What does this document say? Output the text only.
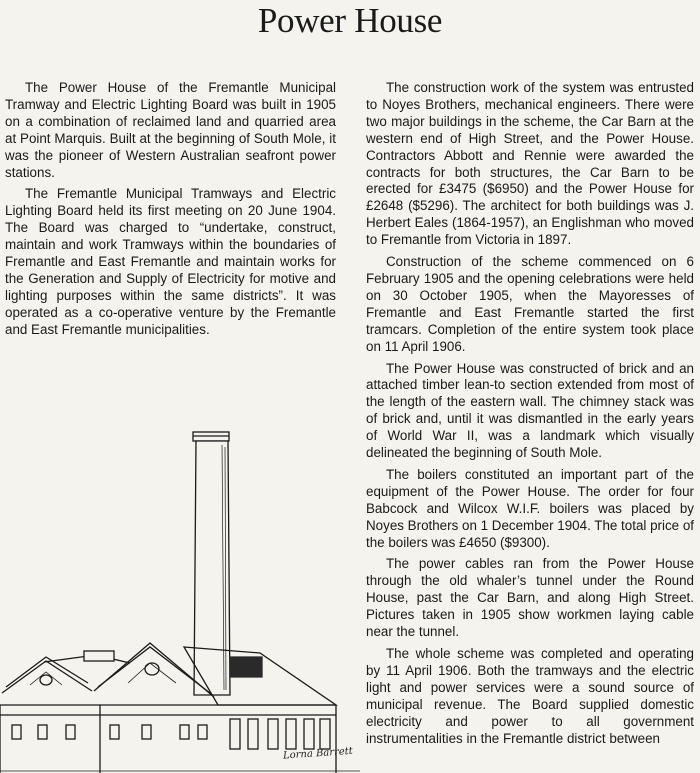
Power House

The Power House of the Fremantle Municipal Tramway and Electric Lighting Board was built in 1905 on a combination of reclaimed land and quarried area at Point Marquis. Built at the beginning of South Mole, it was the pioneer of Western Australian seafront power stations.

The Fremantle Municipal Tramways and Electric Lighting Board held its first meeting on 20 June 1904. The Board was charged to “undertake, construct, maintain and work Tramways within the boundaries of Fremantle and East Fremantle and maintain works for the Generation and Supply of Electricity for motive and lighting purposes within the same districts”. It was operated as a co-operative venture by the Fremantle and East Fremantle municipalities.

The construction work of the system was entrusted to Noyes Brothers, mechanical engineers. There were two major buildings in the scheme, the Car Barn at the western end of High Street, and the Power House. Contractors Abbott and Rennie were awarded the contracts for both structures, the Car Barn to be erected for £3475 ($6950) and the Power House for £2648 ($5296). The architect for both buildings was J. Herbert Eales (1864-1957), an Englishman who moved to Fremantle from Victoria in 1897.

Construction of the scheme commenced on 6 February 1905 and the opening celebrations were held on 30 October 1905, when the Mayoresses of Fremantle and East Fremantle started the first tramcars. Completion of the entire system took place on 11 April 1906.

The Power House was constructed of brick and an attached timber lean-to section extended from most of the length of the eastern wall. The chimney stack was of brick and, until it was dismantled in the early years of World War II, was a landmark which visually delineated the beginning of South Mole.

The boilers constituted an important part of the equipment of the Power House. The order for four Babcock and Wilcox W.I.F. boilers was placed by Noyes Brothers on 1 December 1904. The total price of the boilers was £4650 ($9300).

The power cables ran from the Power House through the old whaler’s tunnel under the Round House, past the Car Barn, and along High Street. Pictures taken in 1905 show workmen laying cable near the tunnel.

The whole scheme was completed and operating by 11 April 1906. Both the tramways and the electric light and power services were a sound source of municipal revenue. The Board supplied domestic electricity and power to all government instrumentalities in the Fremantle district between

Lorna Barrett
